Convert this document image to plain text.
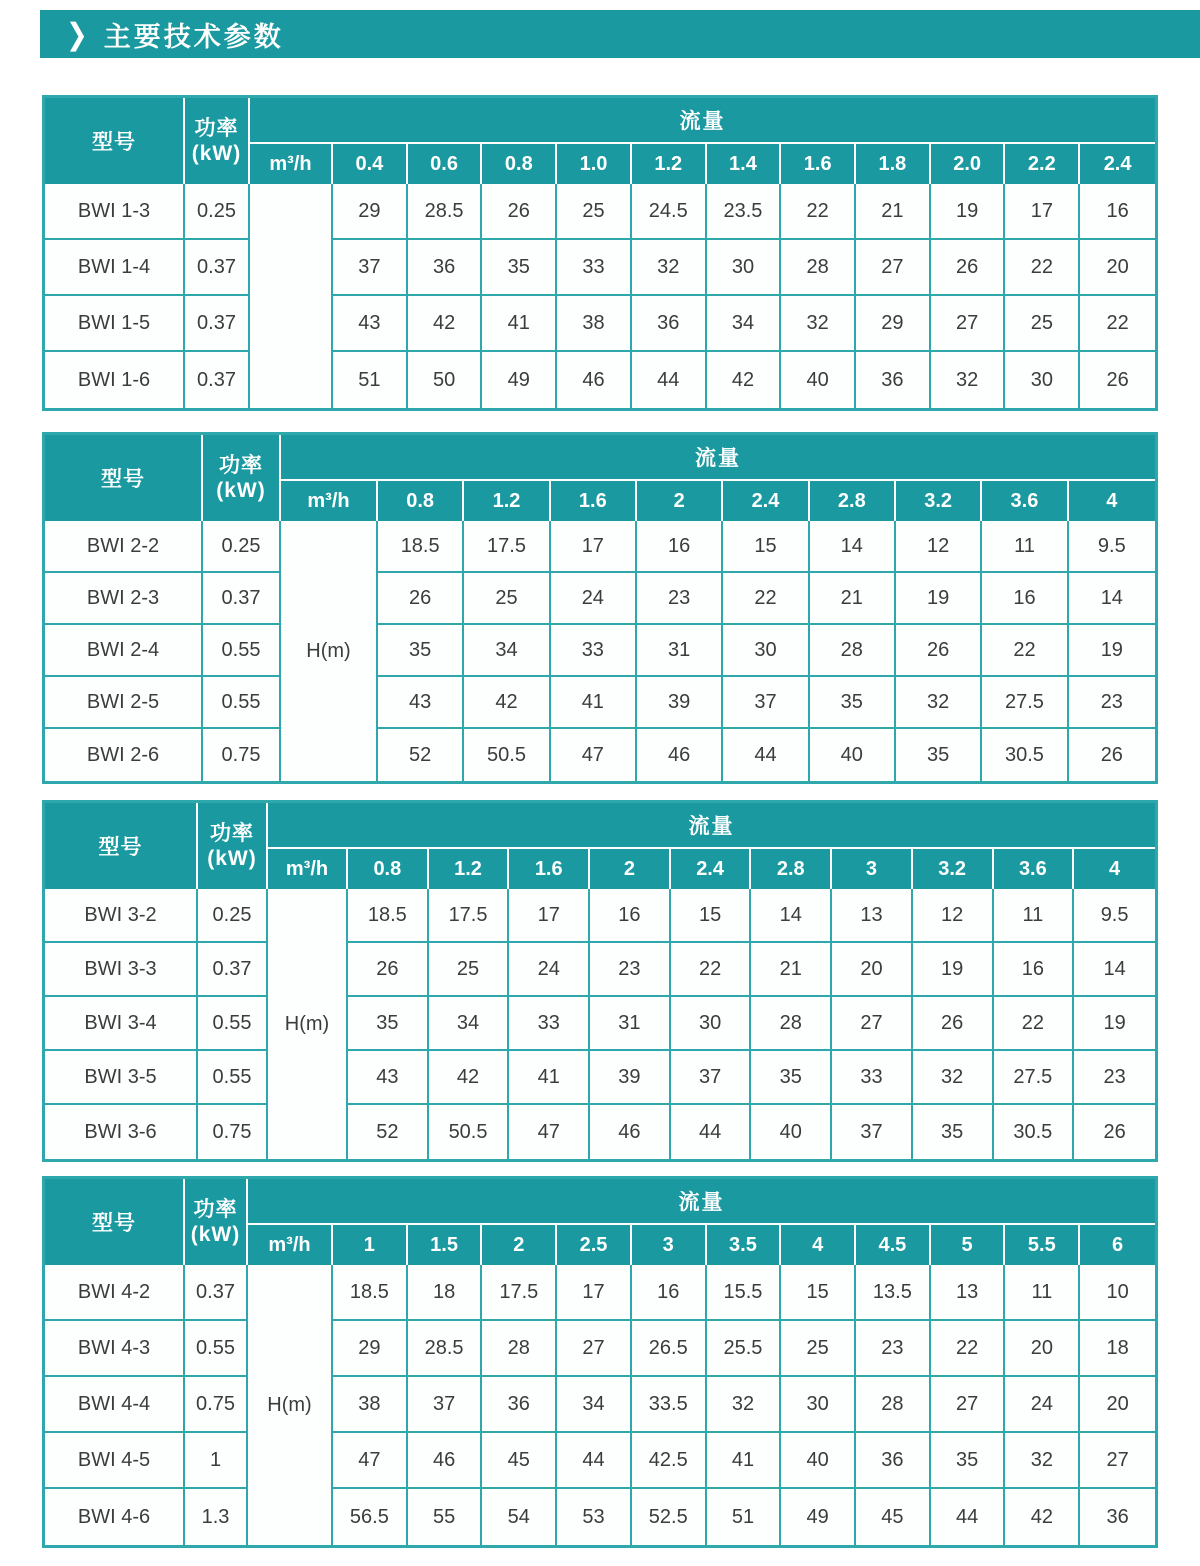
❯ 主要技术参数
型号	功率
(kW)	流量											
		m³/h	0.4	0.6	0.8	1.0	1.2	1.4	1.6	1.8	2.0	2.2	2.4
BWI 1-3	0.25		29	28.5	26	25	24.5	23.5	22	21	19	17	16
BWI 1-4	0.37		37	36	35	33	32	30	28	27	26	22	20
BWI 1-5	0.37		43	42	41	38	36	34	32	29	27	25	22
BWI 1-6	0.37		51	50	49	46	44	42	40	36	32	30	26
型号	功率
(kW)	流量									
		m³/h	0.8	1.2	1.6	2	2.4	2.8	3.2	3.6	4
BWI 2-2	0.25	H(m)	18.5	17.5	17	16	15	14	12	11	9.5
BWI 2-3	0.37		26	25	24	23	22	21	19	16	14
BWI 2-4	0.55		35	34	33	31	30	28	26	22	19
BWI 2-5	0.55		43	42	41	39	37	35	32	27.5	23
BWI 2-6	0.75		52	50.5	47	46	44	40	35	30.5	26
型号	功率
(kW)	流量										
		m³/h	0.8	1.2	1.6	2	2.4	2.8	3	3.2	3.6	4
BWI 3-2	0.25	H(m)	18.5	17.5	17	16	15	14	13	12	11	9.5
BWI 3-3	0.37		26	25	24	23	22	21	20	19	16	14
BWI 3-4	0.55		35	34	33	31	30	28	27	26	22	19
BWI 3-5	0.55		43	42	41	39	37	35	33	32	27.5	23
BWI 3-6	0.75		52	50.5	47	46	44	40	37	35	30.5	26
型号	功率
(kW)	流量											
		m³/h	1	1.5	2	2.5	3	3.5	4	4.5	5	5.5	6
BWI 4-2	0.37	H(m)	18.5	18	17.5	17	16	15.5	15	13.5	13	11	10
BWI 4-3	0.55		29	28.5	28	27	26.5	25.5	25	23	22	20	18
BWI 4-4	0.75		38	37	36	34	33.5	32	30	28	27	24	20
BWI 4-5	1		47	46	45	44	42.5	41	40	36	35	32	27
BWI 4-6	1.3		56.5	55	54	53	52.5	51	49	45	44	42	36
